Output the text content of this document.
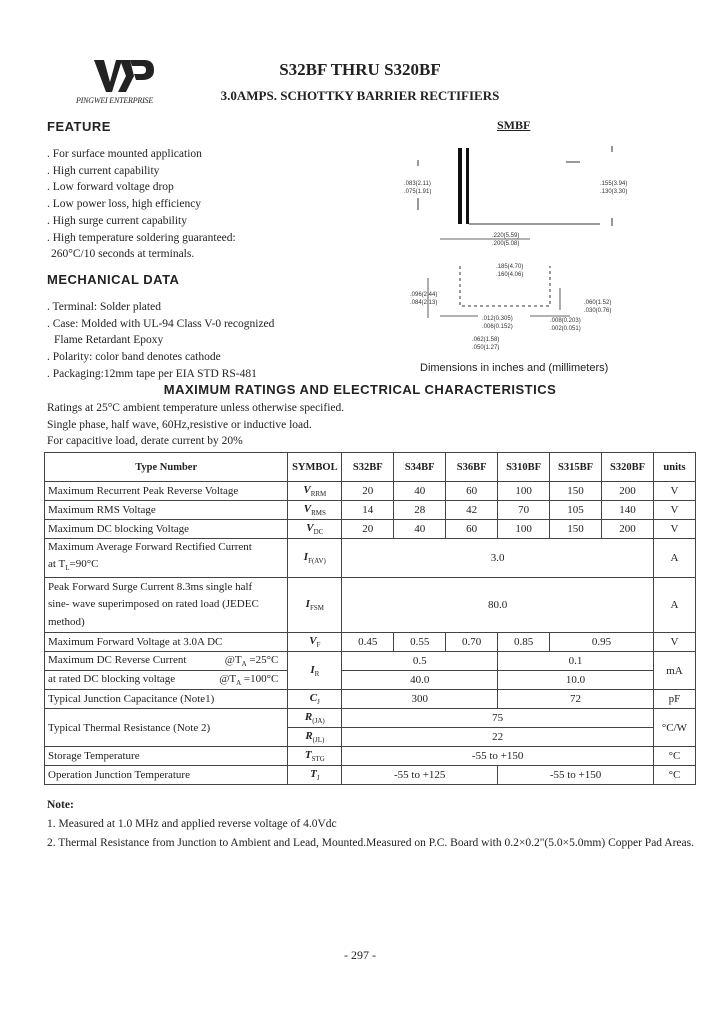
PINGWEI ENTERPRISE
S32BF THRU S320BF
3.0AMPS. SCHOTTKY BARRIER RECTIFIERS
FEATURE
. For surface mounted application
. High current capability
. Low forward voltage drop
. Low power loss, high efficiency
. High surge current capability
. High temperature soldering guaranteed:
260°C/10 seconds at terminals.
MECHANICAL DATA
. Terminal: Solder plated
. Case: Molded with UL-94 Class V-0 recognized
Flame Retardant Epoxy
. Polarity: color band denotes cathode
. Packaging:12mm tape per EIA STD RS-481
SMBF
.083(2.11)
.075(1.91)
.155(3.94)
.130(3.30)
.220(5.59)
.200(5.08)
.185(4.70)
.160(4.06)
.096(2.44)
.084(2.13)	.060(1.52)
.030(0.76)
.012(0.305)
.006(0.152)
.008(0.203)
.002(0.051)
.062(1.58)
.050(1.27)
Dimensions in inches and (millimeters)
MAXIMUM RATINGS AND ELECTRICAL CHARACTERISTICS
Ratings at 25°C ambient temperature unless otherwise specified.
Single phase, half wave, 60Hz,resistive or inductive load.
For capacitive load, derate current by 20%
Type Number	SYMBOL	S32BF	S34BF	S36BF	S310BF	S315BF	S320BF	units
Maximum Recurrent Peak Reverse Voltage	$V_{RRM}$	20	40	60	100	150	200	V
Maximum RMS Voltage	$V_{RMS}$	14	28	42	70	105	140	V
Maximum DC blocking Voltage	$V_{DC}$	20	40	60	100	150	200	V

Maximum Average Forward Rectified Current
at $T_L=90^\circ C$	$I_{F(AV)}$	3.0						A

Peak Forward Surge Current 8.3ms single half
sine- wave superimposed on rated load (JEDEC
method)	$I_{FSM}$	80.0						A
Maximum Forward Voltage at 3.0A DC	$V_F$	0.45	0.55	0.70	0.85	0.95		V
Maximum DC Reverse Current $@T_A =25^\circ C$	$I_R$	0.5			0.1			mA
at rated DC blocking voltage $@T_A =100^\circ C$		40.0			10.0			
Typical Junction Capacitance (Note1)	$C_J$	300			72			pF
Typical Thermal Resistance (Note 2)	$R_{(JA)}$	75						°C/W
	$R_{(JL)}$	22						
Storage Temperature	$T_{STG}$	-55 to +150						°C
Operation Junction Temperature	$T_J$	-55 to +125			-55 to +150			°C
Note:
1. Measured at 1.0 MHz and applied reverse voltage of 4.0Vdc
2. Thermal Resistance from Junction to Ambient and Lead, Mounted.Measured on P.C. Board with 0.2×0.2"(5.0×5.0mm) Copper Pad Areas.
- 297 -
